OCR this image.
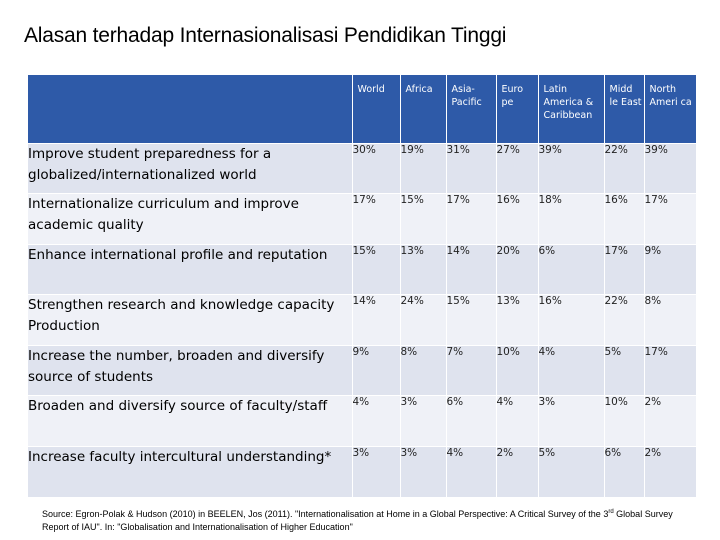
Alasan terhadap Internasionalisasi Pendidikan Tinggi
	World	Africa	Asia-Pacific	Euro pe	Latin America & Caribbean	Midd le East	North Ameri ca
Improve student preparedness for a globalized/internationalized world	30%	19%	31%	27%	39%	22%	39%
Internationalize curriculum and improve academic quality	17%	15%	17%	16%	18%	16%	17%
Enhance international profile and reputation	15%	13%	14%	20%	6%	17%	9%
Strengthen research and knowledge capacity Production	14%	24%	15%	13%	16%	22%	8%
Increase the number, broaden and diversify source of students	9%	8%	7%	10%	4%	5%	17%
Broaden and diversify source of faculty/staff	4%	3%	6%	4%	3%	10%	2%
Increase faculty intercultural understanding*	3%	3%	4%	2%	5%	6%	2%
Source: Egron-Polak & Hudson (2010) in BEELEN, Jos (2011). "Internationalisation at Home in a Global Perspective: A Critical Survey of the 3rd Global Survey Report of IAU". In: "Globalisation and Internationalisation of Higher Education"
